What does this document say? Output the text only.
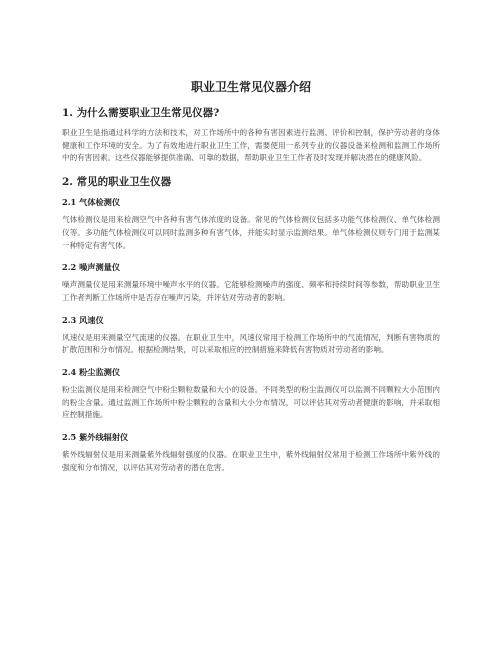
职业卫生常见仪器介绍
1. 为什么需要职业卫生常见仪器?
职业卫生是指通过科学的方法和技术，对工作场所中的各种有害因素进行监测、评价和控制，保护劳动者的身体健康和工作环境的安全。为了有效地进行职业卫生工作，需要使用一系列专业的仪器设备来检测和监测工作场所中的有害因素。这些仪器能够提供准确、可靠的数据，帮助职业卫生工作者及时发现并解决潜在的健康风险。
2. 常见的职业卫生仪器
2.1 气体检测仪
气体检测仪是用来检测空气中各种有害气体浓度的设备。常见的气体检测仪包括多功能气体检测仪、单气体检测仪等。多功能气体检测仪可以同时监测多种有害气体，并能实时显示监测结果。单气体检测仪则专门用于监测某一种特定有害气体。
2.2 噪声测量仪
噪声测量仪是用来测量环境中噪声水平的仪器。它能够检测噪声的强度、频率和持续时间等参数，帮助职业卫生工作者判断工作场所中是否存在噪声污染，并评估对劳动者的影响。
2.3 风速仪
风速仪是用来测量空气流速的仪器。在职业卫生中，风速仪常用于检测工作场所中的气流情况，判断有害物质的扩散范围和分布情况。根据检测结果，可以采取相应的控制措施来降低有害物质对劳动者的影响。
2.4 粉尘监测仪
粉尘监测仪是用来检测空气中粉尘颗粒数量和大小的设备。不同类型的粉尘监测仪可以监测不同颗粒大小范围内的粉尘含量。通过监测工作场所中粉尘颗粒的含量和大小分布情况，可以评估其对劳动者健康的影响，并采取相应控制措施。
2.5 紫外线辐射仪
紫外线辐射仪是用来测量紫外线辐射强度的仪器。在职业卫生中，紫外线辐射仪常用于检测工作场所中紫外线的强度和分布情况，以评估其对劳动者的潜在危害。
